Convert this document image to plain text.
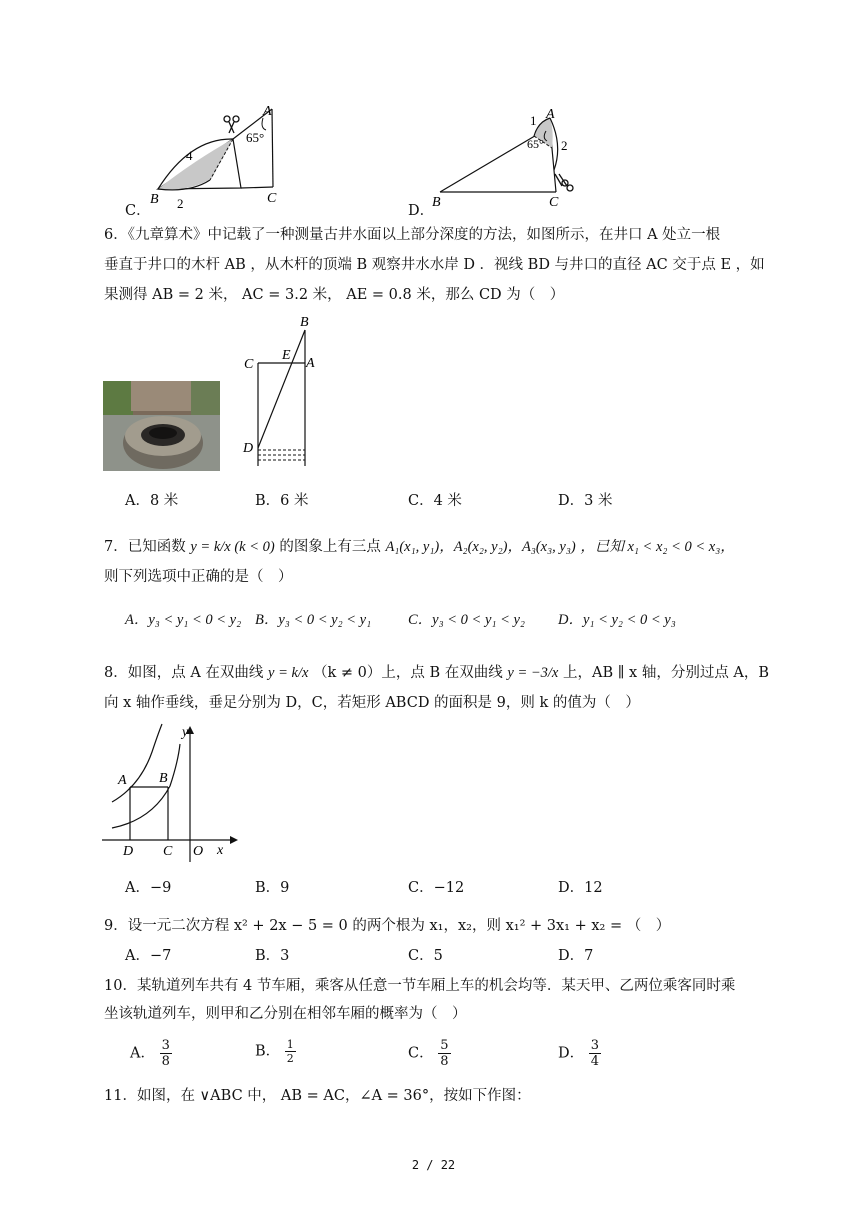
A
65°
4
B 2	C
C．
1 A
65° 2
B	C
D．
6．《九章算术》中记载了一种测量古井水面以上部分深度的方法，如图所示，在井口 A 处立一根
垂直于井口的木杆 AB ，从木杆的顶端 B 观察井水水岸 D ．视线 BD 与井口的直径 AC 交于点 E ，如
果测得 AB = 2 米， AC = 3.2 米， AE = 0.8 米，那么 CD 为（　）
B
C
E
A
D
A．8 米	B．6 米	C．4 米	D．3 米
7．已知函数 y = k/x (k < 0) 的图象上有三点 A₁(x₁, y₁)，A₂(x₂, y₂)，A₃(x₃, y₃) ，已知 x₁ < x₂ < 0 < x₃，
则下列选项中正确的是（　）
A．y₃ < y₁ < 0 < y₂ B．y₃ < 0 < y₂ < y₁	C．y₃ < 0 < y₁ < y₂ D．y₁ < y₂ < 0 < y₃
8．如图，点 A 在双曲线 y = k/x （k ≠ 0）上，点 B 在双曲线 y = −3/x 上，AB ∥ x 轴，分别过点 A，B
向 x 轴作垂线，垂足分别为 D，C，若矩形 ABCD 的面积是 9，则 k 的值为（　）
y
x
A B
D C O
A．−9	B．9	C．−12	D．12
9．设一元二次方程 x² + 2x − 5 = 0 的两个根为 x₁，x₂，则 x₁² + 3x₁ + x₂ = （　）
A．−7	B．3	C．5	D．7
10．某轨道列车共有 4 节车厢，乘客从任意一节车厢上车的机会均等．某天甲、乙两位乘客同时乘
坐该轨道列车，则甲和乙分别在相邻车厢的概率为（　）
A． $\frac{3}{8}$	B． $\frac{1}{2}$	C． $\frac{5}{8}$	D． $\frac{3}{4}$
11．如图，在 ∨ABC 中， AB = AC，∠A = 36°，按如下作图：
2 / 22
